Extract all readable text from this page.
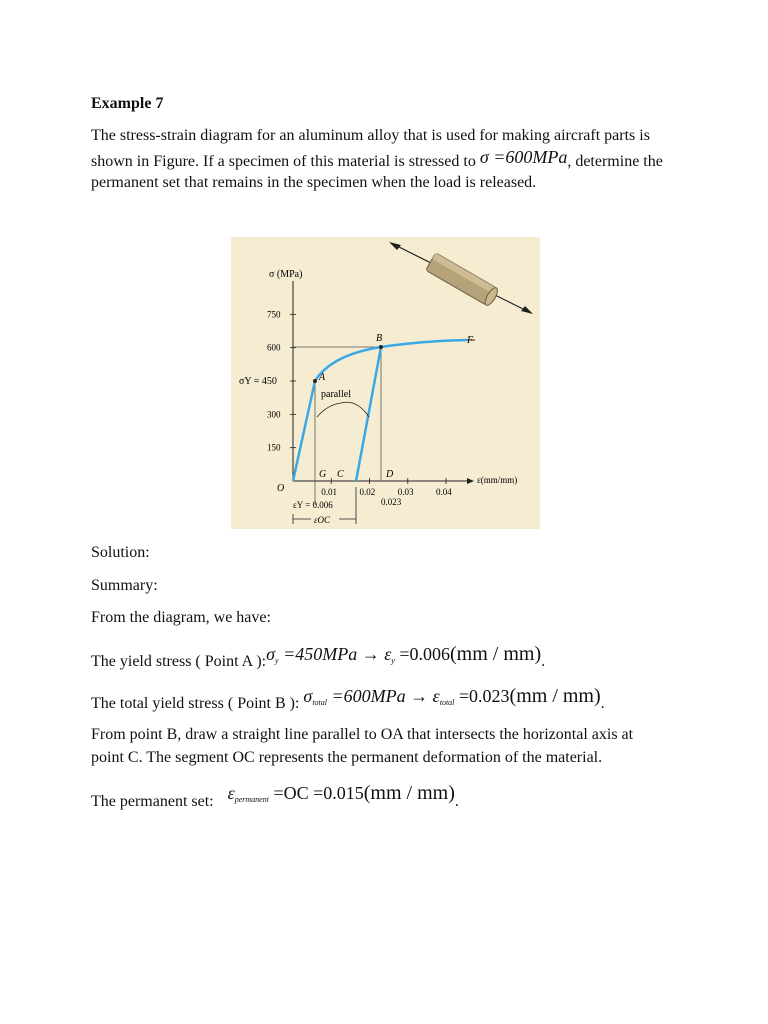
Example 7
The stress-strain diagram for an aluminum alloy that is used for making aircraft parts is
shown in Figure. If a specimen of this material is stressed to σ =600MPa, determine the
permanent set that remains in the specimen when the load is released.
σ (MPa)
ε(mm/mm)
750
600
300
150
0.01	0.02	0.03	0.04
A
B	F
O
G C	D
parallel
σY = 450
εY = 0.006	0.023
εOC
Solution:
Summary:
From the diagram, we have:
The yield stress ( Point A )$:\sigma_y =450MPa \to \varepsilon_y =0.006(mm / mm)$.
The total yield stress ( Point B ): $\sigma_{total} =600MPa \to \varepsilon_{total} =0.023(mm / mm)$.
From point B, draw a straight line parallel to OA that intersects the horizontal axis at
point C. The segment OC represents the permanent deformation of the material.
The permanent set: $\varepsilon_{permanent} =OC =0.015(mm / mm)$.
